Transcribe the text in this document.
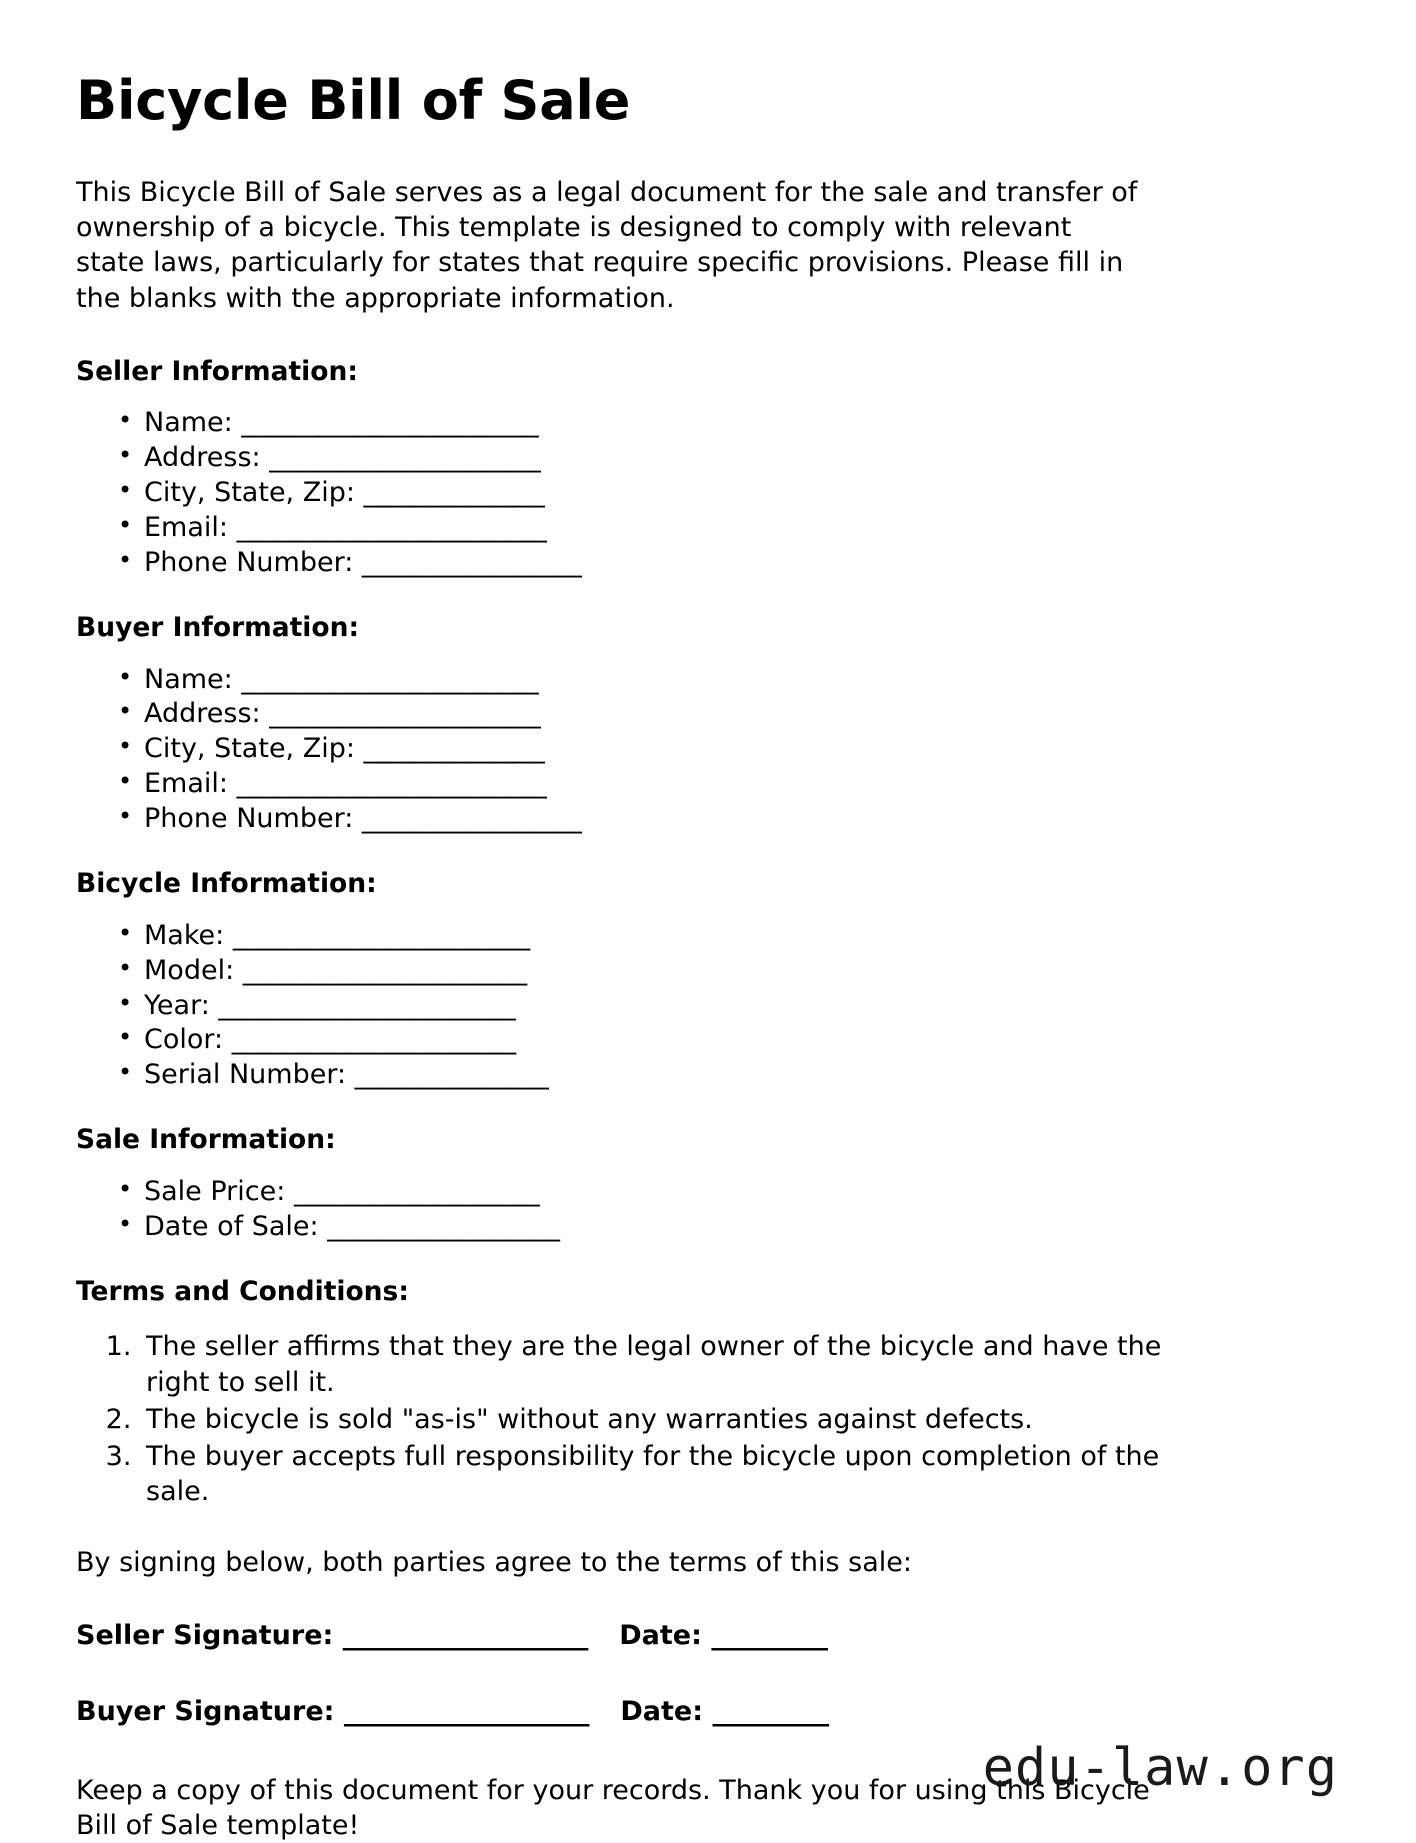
Bicycle Bill of Sale

This Bicycle Bill of Sale serves as a legal document for the sale and transfer of ownership of a bicycle. This template is designed to comply with relevant state laws, particularly for states that require specific provisions. Please fill in the blanks with the appropriate information.

Seller Information:
• Name: _______________________
• Address: _____________________
• City, State, Zip: ______________
• Email: ________________________
• Phone Number: _________________
Buyer Information:
• Name: _______________________
• Address: _____________________
• City, State, Zip: ______________
• Email: ________________________
• Phone Number: _________________
Bicycle Information:
• Make: _______________________
• Model: ______________________
• Year: _______________________
• Color: ______________________
• Serial Number: _______________
Sale Information:
• Sale Price: ___________________
• Date of Sale: __________________
Terms and Conditions:
1. The seller affirms that they are the legal owner of the bicycle and have the right to sell it.
2. The bicycle is sold "as-is" without any warranties against defects.
3. The buyer accepts full responsibility for the bicycle upon completion of the sale.

By signing below, both parties agree to the terms of this sale:

Seller Signature: ___________________ Date: _________
Buyer Signature: ___________________ Date: _________

Keep a copy of this document for your records. Thank you for using this Bicycle Bill of Sale template!

edu-law.org
